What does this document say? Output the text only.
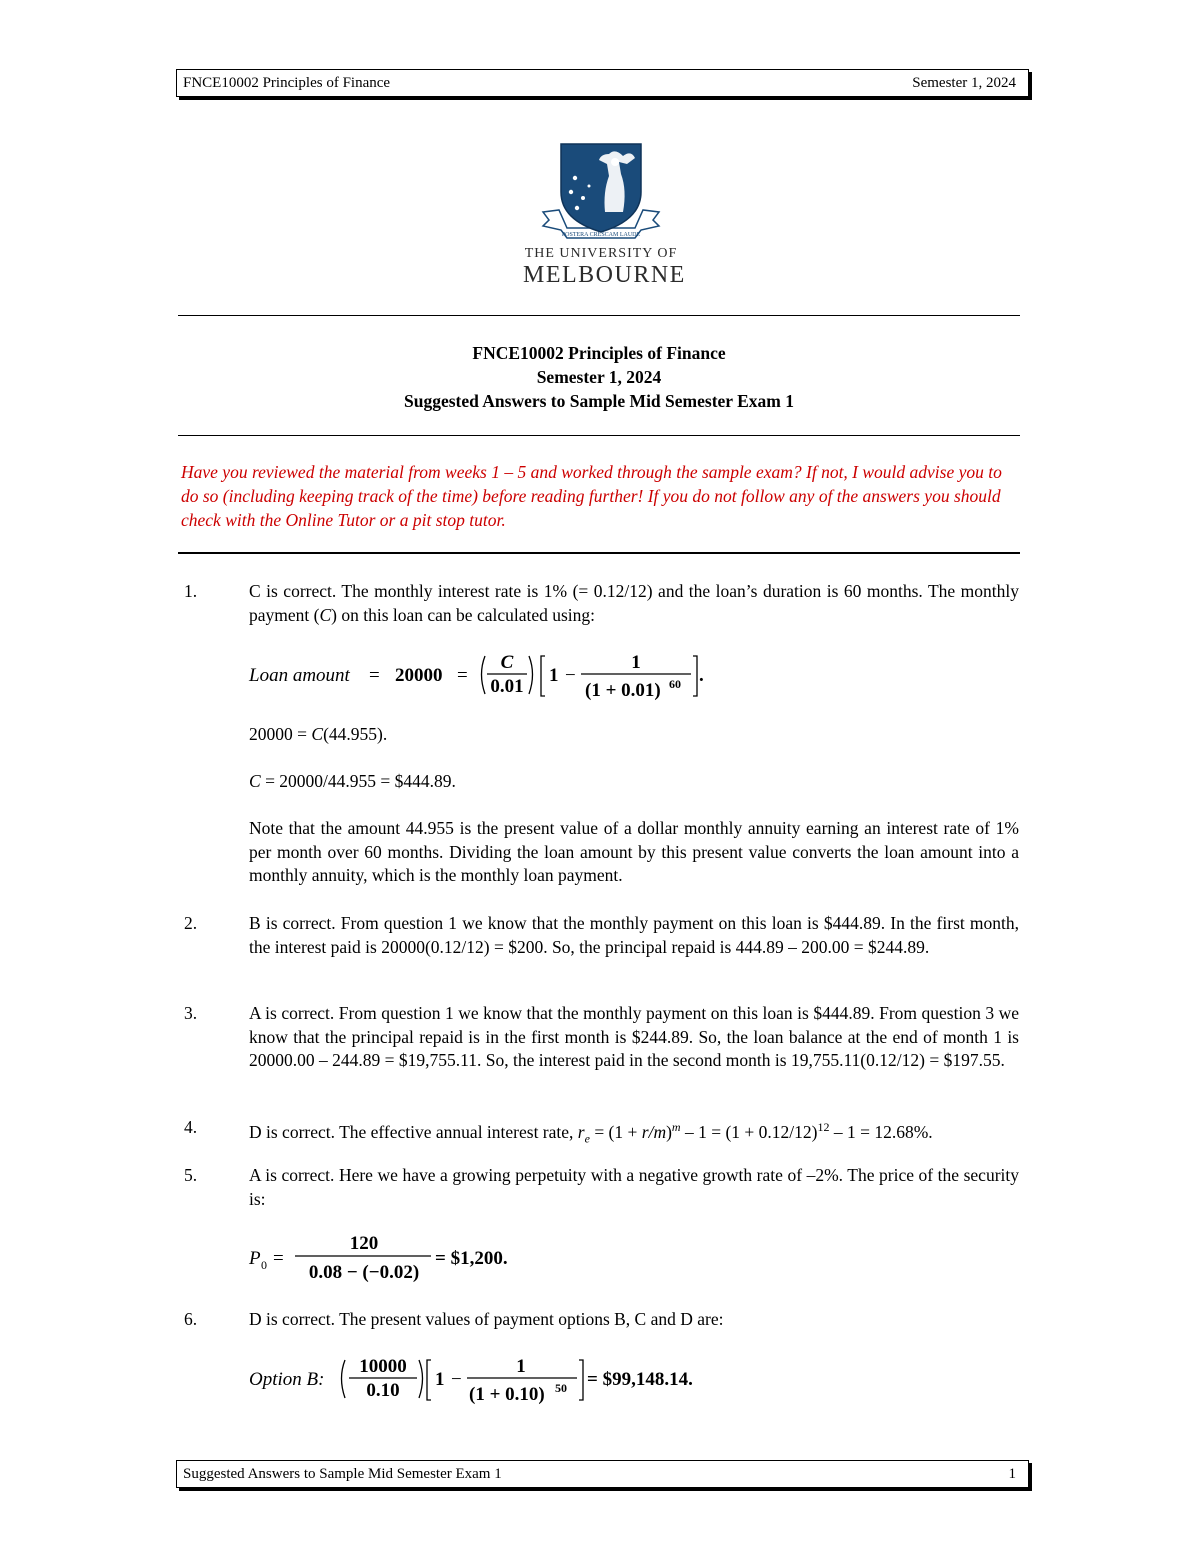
FNCE10002 Principles of Finance	Semester 1, 2024
POSTERA CRESCAM LAUDE
THE UNIVERSITY OF
MELBOURNE
FNCE10002 Principles of Finance
Semester 1, 2024
Suggested Answers to Sample Mid Semester Exam 1
Have you reviewed the material from weeks 1 – 5 and worked through the sample exam? If not, I would advise you to do so (including keeping track of the time) before reading further! If you do not follow any of the answers you should check with the Online Tutor or a pit stop tutor.
1.	C is correct. The monthly interest rate is 1% (= 0.12/12) and the loan’s duration is 60 months. The monthly payment (C) on this loan can be calculated using:
Loan amount = 20000 =
C
0.01
1 −
1
(1 + 0.01) 60 .
20000 = C(44.955).
C = 20000/44.955 = $444.89.
Note that the amount 44.955 is the present value of a dollar monthly annuity earning an interest rate of 1% per month over 60 months. Dividing the loan amount by this present value converts the loan amount into a monthly annuity, which is the monthly loan payment.
2.	B is correct. From question 1 we know that the monthly payment on this loan is $444.89. In the first month, the interest paid is 20000(0.12/12) = $200. So, the principal repaid is 444.89 – 200.00 = $244.89.
3.	A is correct. From question 1 we know that the monthly payment on this loan is $444.89. From question 3 we know that the principal repaid is in the first month is $244.89. So, the loan balance at the end of month 1 is 20000.00 – 244.89 = $19,755.11. So, the interest paid in the second month is 19,755.11(0.12/12) = $197.55.
4.	D is correct. The effective annual interest rate, $r_e = (1 + r/m)^m - 1 = (1 + 0.12/12)^{12} - 1 = 12.68\%$.
5.	A is correct. Here we have a growing perpetuity with a negative growth rate of –2%. The price of the security is:
P 0 =
120
0.08 − (−0.02)
= $1,200.
6.	D is correct. The present values of payment options B, C and D are:
Option B:
10000
0.10
1 −
1
(1 + 0.10) 50 = $99,148.14.
Suggested Answers to Sample Mid Semester Exam 1	1
